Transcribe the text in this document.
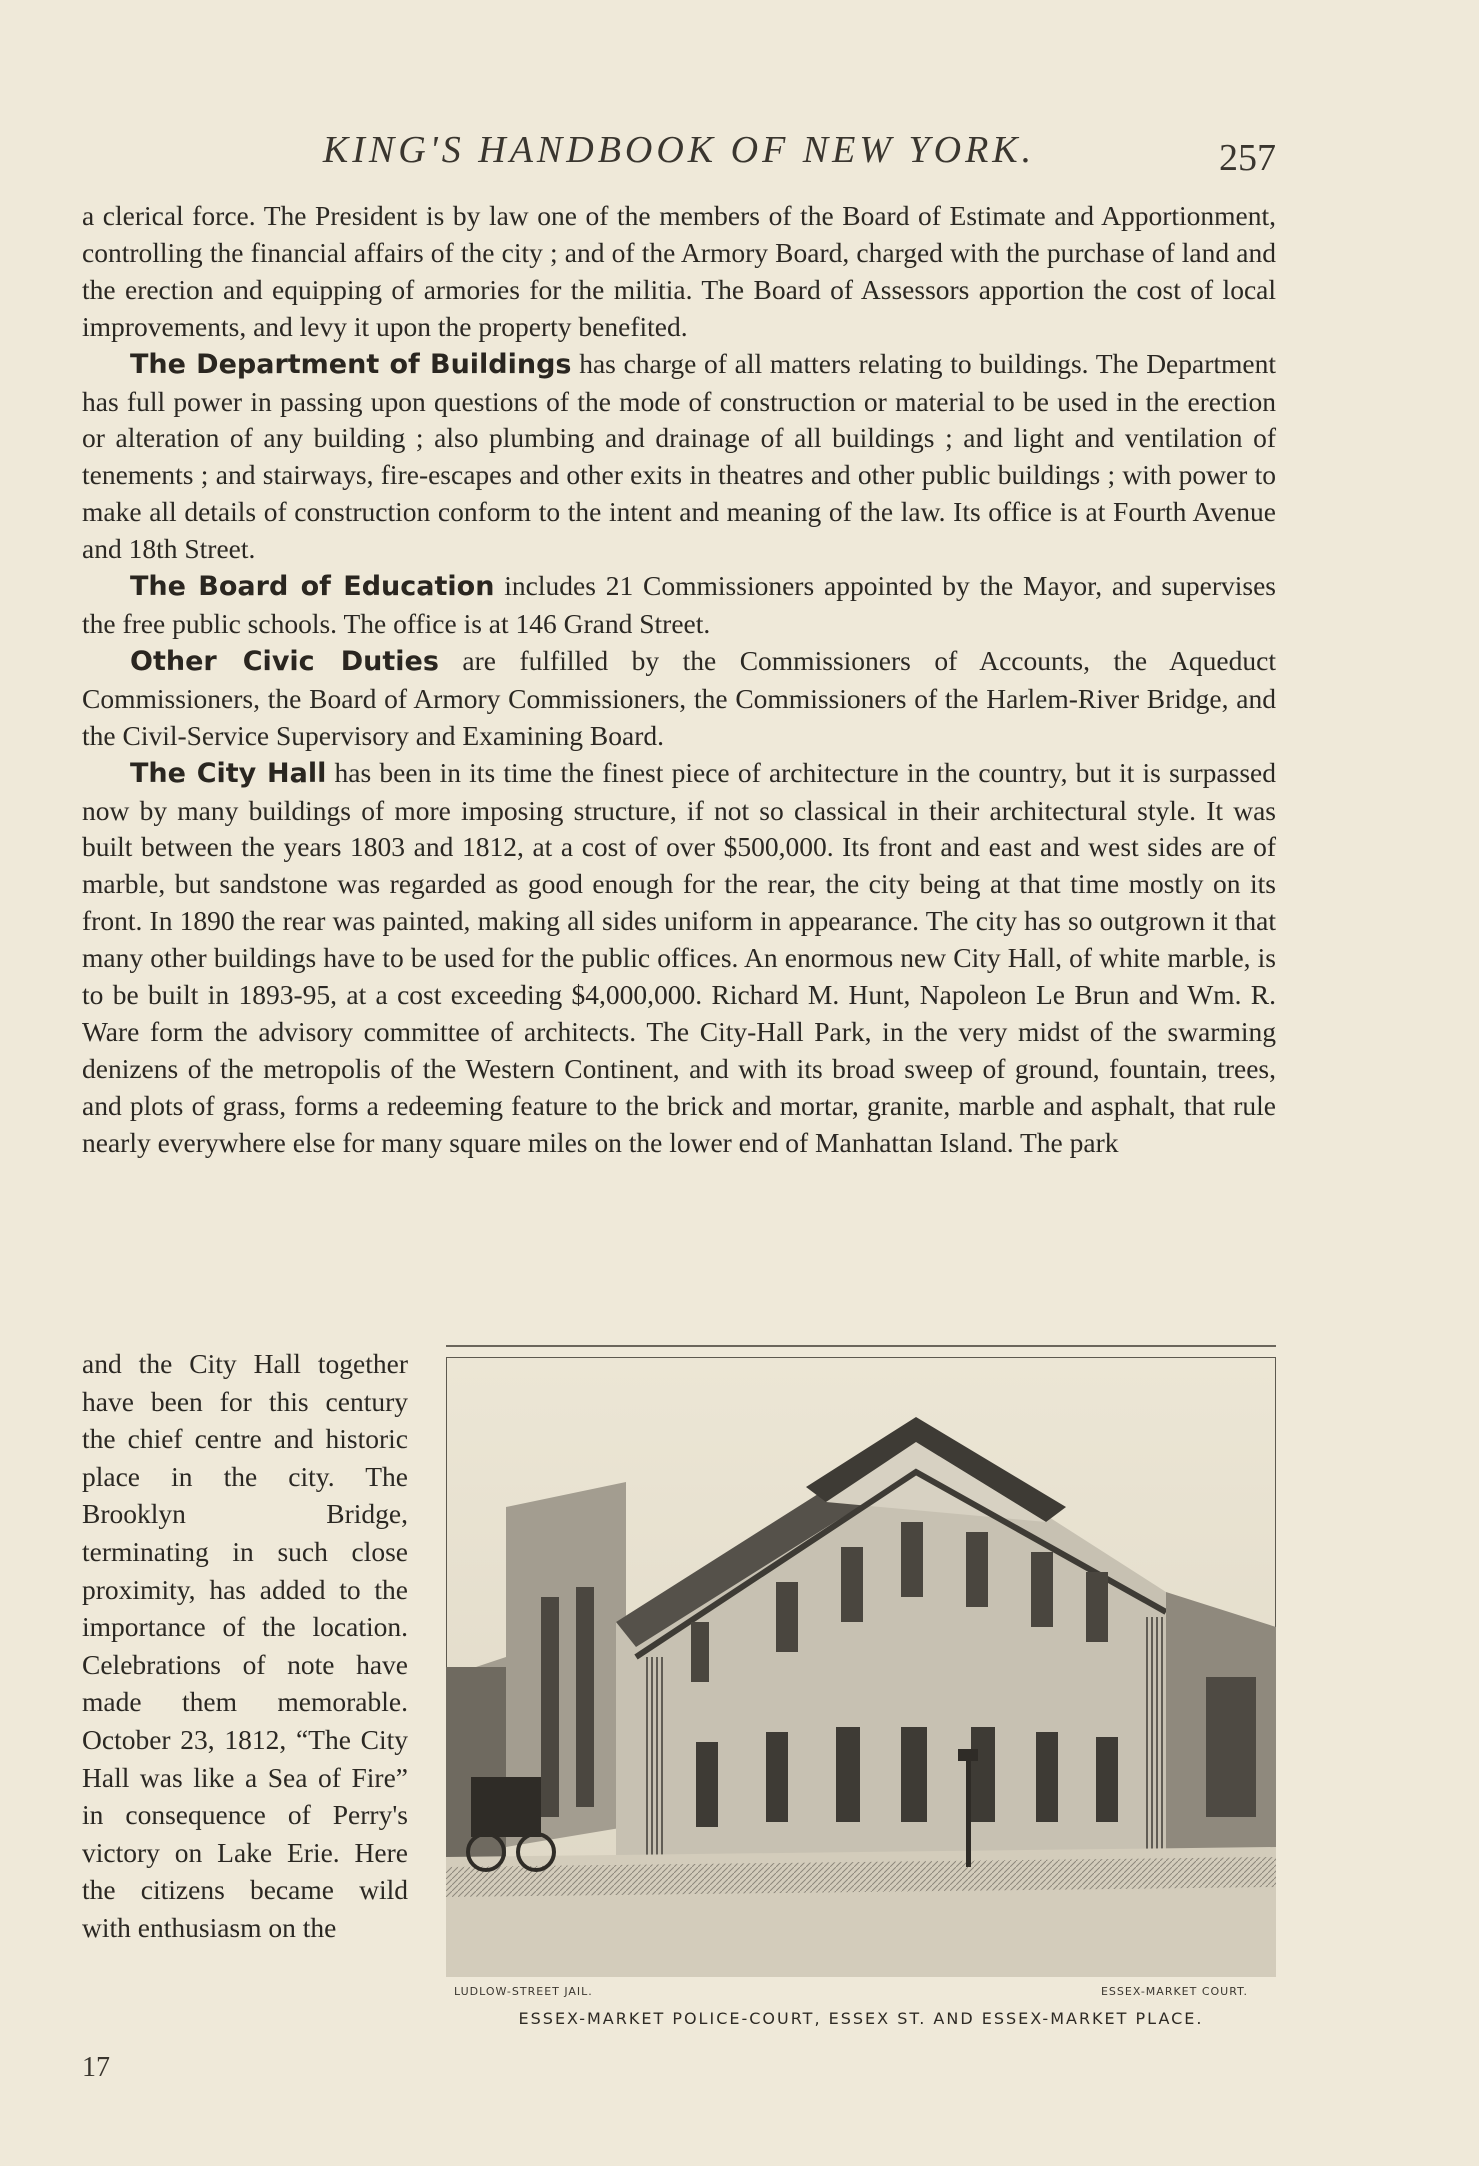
KING'S HANDBOOK OF NEW YORK.	257

a clerical force. The President is by law one of the members of the Board of Estimate and Apportionment, controlling the financial affairs of the city ; and of the Armory Board, charged with the purchase of land and the erection and equipping of armories for the militia. The Board of Assessors apportion the cost of local improvements, and levy it upon the property benefited.

The Department of Buildings has charge of all matters relating to buildings. The Department has full power in passing upon questions of the mode of construction or material to be used in the erection or alteration of any building ; also plumbing and drainage of all buildings ; and light and ventilation of tenements ; and stairways, fire-escapes and other exits in theatres and other public buildings ; with power to make all details of construction conform to the intent and meaning of the law. Its office is at Fourth Avenue and 18th Street.

The Board of Education includes 21 Commissioners appointed by the Mayor, and supervises the free public schools. The office is at 146 Grand Street.

Other Civic Duties are fulfilled by the Commissioners of Accounts, the Aqueduct Commissioners, the Board of Armory Commissioners, the Commissioners of the Harlem-River Bridge, and the Civil-Service Supervisory and Examining Board.

The City Hall has been in its time the finest piece of architecture in the country, but it is surpassed now by many buildings of more imposing structure, if not so classical in their architectural style. It was built between the years 1803 and 1812, at a cost of over $500,000. Its front and east and west sides are of marble, but sandstone was regarded as good enough for the rear, the city being at that time mostly on its front. In 1890 the rear was painted, making all sides uniform in appearance. The city has so outgrown it that many other buildings have to be used for the public offices. An enormous new City Hall, of white marble, is to be built in 1893-95, at a cost exceeding $4,000,000. Richard M. Hunt, Napoleon Le Brun and Wm. R. Ware form the advisory committee of architects. The City-Hall Park, in the very midst of the swarming denizens of the metropolis of the Western Continent, and with its broad sweep of ground, fountain, trees, and plots of grass, forms a redeeming feature to the brick and mortar, granite, marble and asphalt, that rule nearly everywhere else for many square miles on the lower end of Manhattan Island. The park

and the City Hall together have been for this century the chief centre and historic place in the city. The Brooklyn Bridge, terminating in such close proximity, has added to the importance of the location. Celebrations of note have made them memorable. October 23, 1812, “The City Hall was like a Sea of Fire” in consequence of Perry's victory on Lake Erie. Here the citizens became wild with enthusiasm on the

LUDLOW-STREET JAIL.	ESSEX-MARKET COURT.
ESSEX-MARKET POLICE-COURT, ESSEX ST. AND ESSEX-MARKET PLACE.
17
